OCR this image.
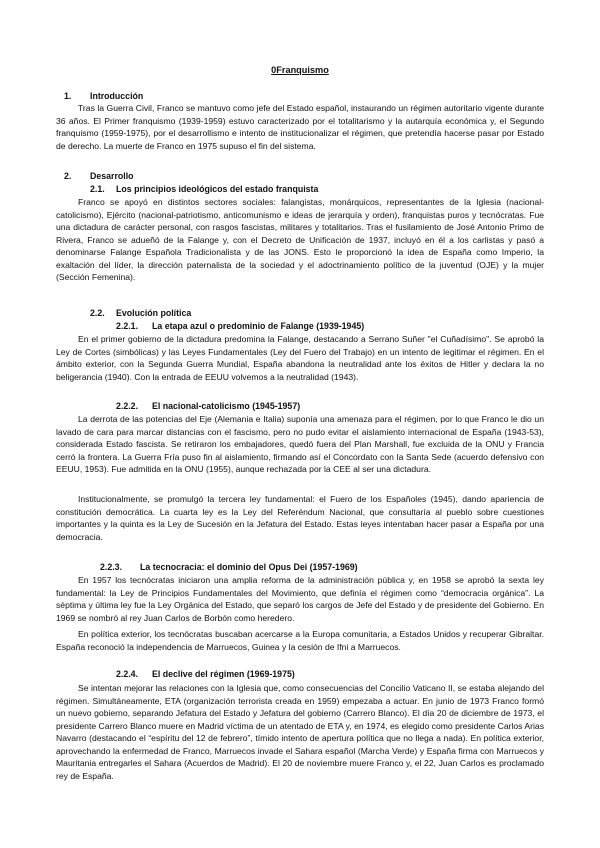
0Franquismo
1. Introducción
Tras la Guerra Civil, Franco se mantuvo como jefe del Estado español, instaurando un régimen autoritario vigente durante 36 años. El Primer franquismo (1939-1959) estuvo caracterizado por el totalitarismo y la autarquía económica y, el Segundo franquismo (1959-1975), por el desarrollismo e intento de institucionalizar el régimen, que pretendía hacerse pasar por Estado de derecho. La muerte de Franco en 1975 supuso el fin del sistema.
2. Desarrollo
2.1. Los principios ideológicos del estado franquista
Franco se apoyó en distintos sectores sociales: falangistas, monárquicos, representantes de la Iglesia (nacional-catolicismo), Ejército (nacional-patriotismo, anticomunismo e ideas de jerarquía y orden), franquistas puros y tecnócratas. Fue una dictadura de carácter personal, con rasgos fascistas, militares y totalitarios. Tras el fusilamiento de José Antonio Primo de Rivera, Franco se adueñó de la Falange y, con el Decreto de Unificación de 1937, incluyó en él a los carlistas y pasó a denominarse Falange Española Tradicionalista y de las JONS. Esto le proporcionó la idea de España como Imperio, la exaltación del líder, la dirección paternalista de la sociedad y el adoctrinamiento político de la juventud (OJE) y la mujer (Sección Femenina).
2.2. Evolución política
2.2.1. La etapa azul o predominio de Falange (1939-1945)
En el primer gobierno de la dictadura predomina la Falange, destacando a Serrano Suñer "el Cuñadísimo". Se aprobó la Ley de Cortes (simbólicas) y las Leyes Fundamentales (Ley del Fuero del Trabajo) en un intento de legitimar el régimen. En el ámbito exterior, con la Segunda Guerra Mundial, España abandona la neutralidad ante los éxitos de Hitler y declara la no beligerancia (1940). Con la entrada de EEUU volvemos a la neutralidad (1943).
2.2.2. El nacional-catolicismo (1945-1957)
La derrota de las potencias del Eje (Alemania e Italia) suponía una amenaza para el régimen, por lo que Franco le dio un lavado de cara para marcar distancias con el fascismo, pero no pudo evitar el aislamiento internacional de España (1943-53), considerada Estado fascista. Se retiraron los embajadores, quedó fuera del Plan Marshall, fue excluida de la ONU y Francia cerró la frontera. La Guerra Fría puso fin al aislamiento, firmando así el Concordato con la Santa Sede (acuerdo defensivo con EEUU, 1953). Fue admitida en la ONU (1955), aunque rechazada por la CEE al ser una dictadura.
Institucionalmente, se promulgó la tercera ley fundamental: el Fuero de los Españoles (1945), dando apariencia de constitución democrática. La cuarta ley es la Ley del Referéndum Nacional, que consultaría al pueblo sobre cuestiones importantes y la quinta es la Ley de Sucesión en la Jefatura del Estado. Estas leyes intentaban hacer pasar a España por una democracia.
2.2.3. La tecnocracia: el dominio del Opus Dei (1957-1969)
En 1957 los tecnócratas iniciaron una amplia reforma de la administración pública y, en 1958 se aprobó la sexta ley fundamental: la Ley de Principios Fundamentales del Movimiento, que definía el régimen como “democracia orgánica”. La séptima y última ley fue la Ley Orgánica del Estado, que separó los cargos de Jefe del Estado y de presidente del Gobierno. En 1969 se nombró al rey Juan Carlos de Borbón como heredero.
En política exterior, los tecnócratas buscaban acercarse a la Europa comunitaria, a Estados Unidos y recuperar Gibraltar. España reconoció la independencia de Marruecos, Guinea y la cesión de Ifni a Marruecos.
2.2.4. El declive del régimen (1969-1975)
Se intentan mejorar las relaciones con la Iglesia que, como consecuencias del Concilio Vaticano II, se estaba alejando del régimen. Simultáneamente, ETA (organización terrorista creada en 1959) empezaba a actuar. En junio de 1973 Franco formó un nuevo gobierno, separando Jefatura del Estado y Jefatura del gobierno (Carrero Blanco). El día 20 de diciembre de 1973, el presidente Carrero Blanco muere en Madrid víctima de un atentado de ETA y, en 1974, es elegido como presidente Carlos Arias Navarro (destacando el “espíritu del 12 de febrero”, tímido intento de apertura política que no llega a nada). En política exterior, aprovechando la enfermedad de Franco, Marruecos invade el Sahara español (Marcha Verde) y España firma con Marruecos y Mauritania entregarles el Sahara (Acuerdos de Madrid). El 20 de noviembre muere Franco y, el 22, Juan Carlos es proclamado rey de España.
